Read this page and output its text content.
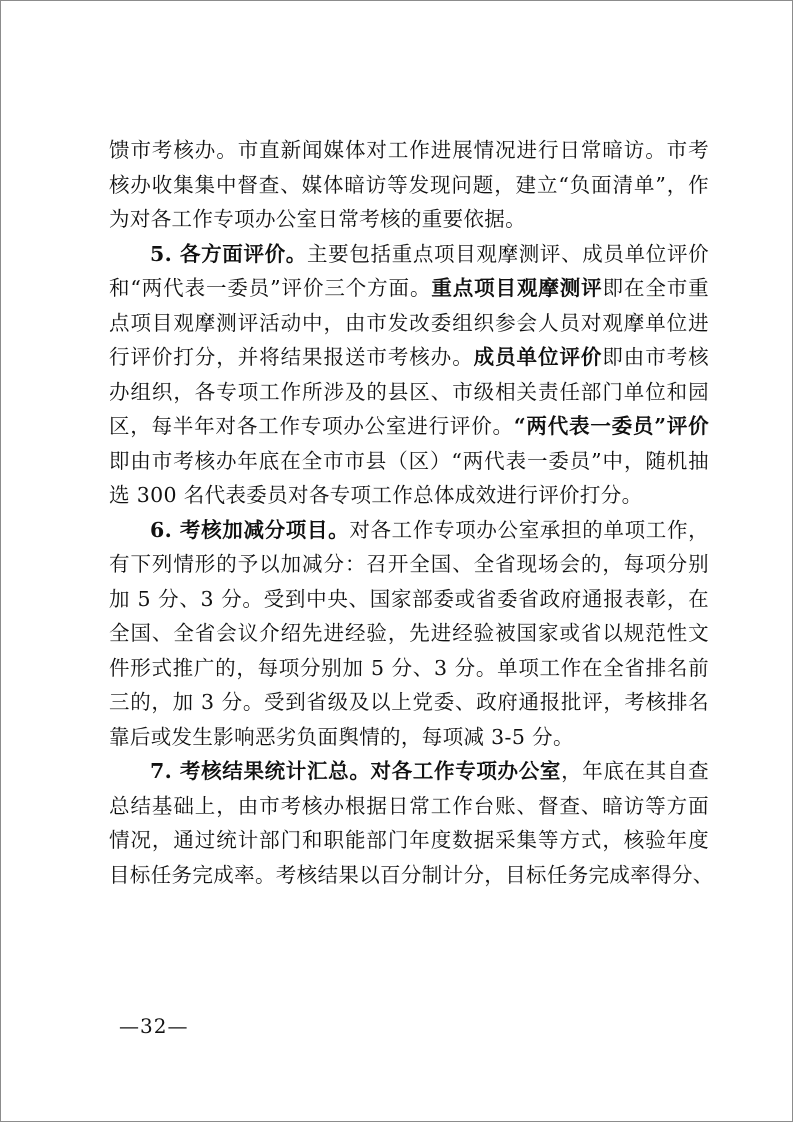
馈市考核办。市直新闻媒体对工作进展情况进行日常暗访。市考
核办收集集中督查、媒体暗访等发现问题，建立“负面清单”，作
为对各工作专项办公室日常考核的重要依据。
5. 各方面评价。主要包括重点项目观摩测评、成员单位评价
和“两代表一委员”评价三个方面。重点项目观摩测评即在全市重
点项目观摩测评活动中，由市发改委组织参会人员对观摩单位进
行评价打分，并将结果报送市考核办。成员单位评价即由市考核
办组织，各专项工作所涉及的县区、市级相关责任部门单位和园
区，每半年对各工作专项办公室进行评价。“两代表一委员”评价
即由市考核办年底在全市市县（区）“两代表一委员”中，随机抽
选 300 名代表委员对各专项工作总体成效进行评价打分。
6. 考核加减分项目。对各工作专项办公室承担的单项工作，
有下列情形的予以加减分：召开全国、全省现场会的，每项分别
加 5 分、3 分。受到中央、国家部委或省委省政府通报表彰，在
全国、全省会议介绍先进经验，先进经验被国家或省以规范性文
件形式推广的，每项分别加 5 分、3 分。单项工作在全省排名前
三的，加 3 分。受到省级及以上党委、政府通报批评，考核排名
靠后或发生影响恶劣负面舆情的，每项减 3-5 分。
7. 考核结果统计汇总。对各工作专项办公室，年底在其自查
总结基础上，由市考核办根据日常工作台账、督查、暗访等方面
情况，通过统计部门和职能部门年度数据采集等方式，核验年度
目标任务完成率。考核结果以百分制计分，目标任务完成率得分、
—32—
